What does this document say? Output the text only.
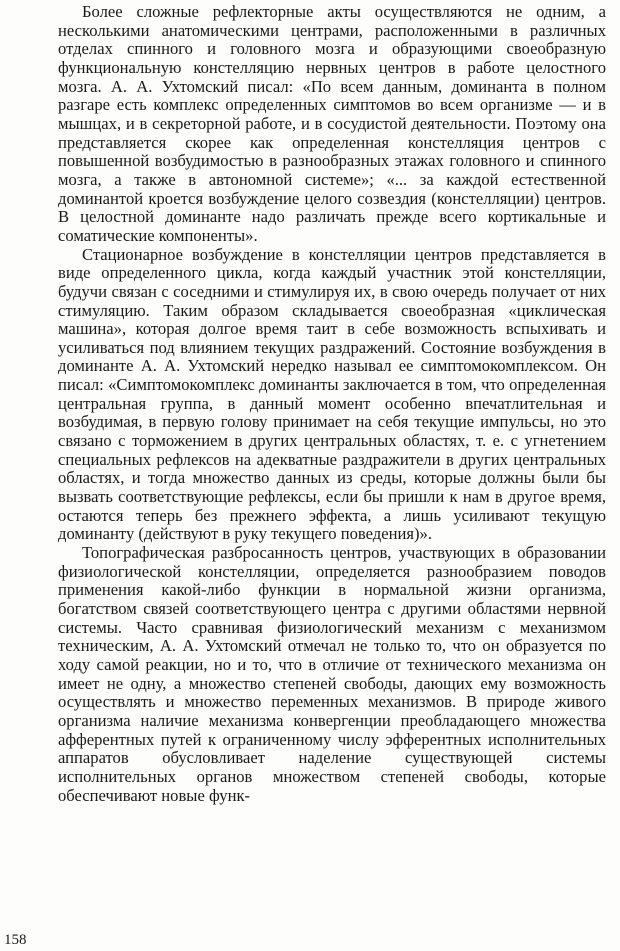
Более сложные рефлекторные акты осуществляются не одним, а несколькими анатомическими центрами, расположенными в различных отделах спинного и головного мозга и образующими своеобразную функциональную констелляцию нервных центров в работе целостного мозга. А. А. Ухтомский писал: «По всем данным, доминанта в полном разгаре есть комплекс определенных симптомов во всем организме — и в мышцах, и в секреторной работе, и в сосудистой деятельности. Поэтому она представляется скорее как определенная констелляция центров с повышенной возбудимостью в разнообразных этажах головного и спинного мозга, а также в автономной системе»; «... за каждой естественной доминантой кроется возбуждение целого созвездия (констелляции) центров. В целостной доминанте надо различать прежде всего кортикальные и соматические компоненты».

Стационарное возбуждение в констелляции центров представляется в виде определенного цикла, когда каждый участник этой констелляции, будучи связан с соседними и стимулируя их, в свою очередь получает от них стимуляцию. Таким образом складывается своеобразная «циклическая машина», которая долгое время таит в себе возможность вспыхивать и усиливаться под влиянием текущих раздражений. Состояние возбуждения в доминанте А. А. Ухтомский нередко называл ее симптомокомплексом. Он писал: «Симптомокомплекс доминанты заключается в том, что определенная центральная группа, в данный момент особенно впечатлительная и возбудимая, в первую голову принимает на себя текущие импульсы, но это связано с торможением в других центральных областях, т. е. с угнетением специальных рефлексов на адекватные раздражители в других центральных областях, и тогда множество данных из среды, которые должны были бы вызвать соответствующие рефлексы, если бы пришли к нам в другое время, остаются теперь без прежнего эффекта, а лишь усиливают текущую доминанту (действуют в руку текущего поведения)».

Топографическая разбросанность центров, участвующих в образовании физиологической констелляции, определяется разнообразием поводов применения какой-либо функции в нормальной жизни организма, богатством связей соответствующего центра с другими областями нервной системы. Часто сравнивая физиологический механизм с механизмом техническим, А. А. Ухтомский отмечал не только то, что он образуется по ходу самой реакции, но и то, что в отличие от технического механизма он имеет не одну, а множество степеней свободы, дающих ему возможность осуществлять и множество переменных механизмов. В природе живого организма наличие механизма конвергенции преобладающего множества афферентных путей к ограниченному числу эфферентных исполнительных аппаратов обусловливает наделение существующей системы исполнительных органов множеством степеней свободы, которые обеспечивают новые функ-

158
